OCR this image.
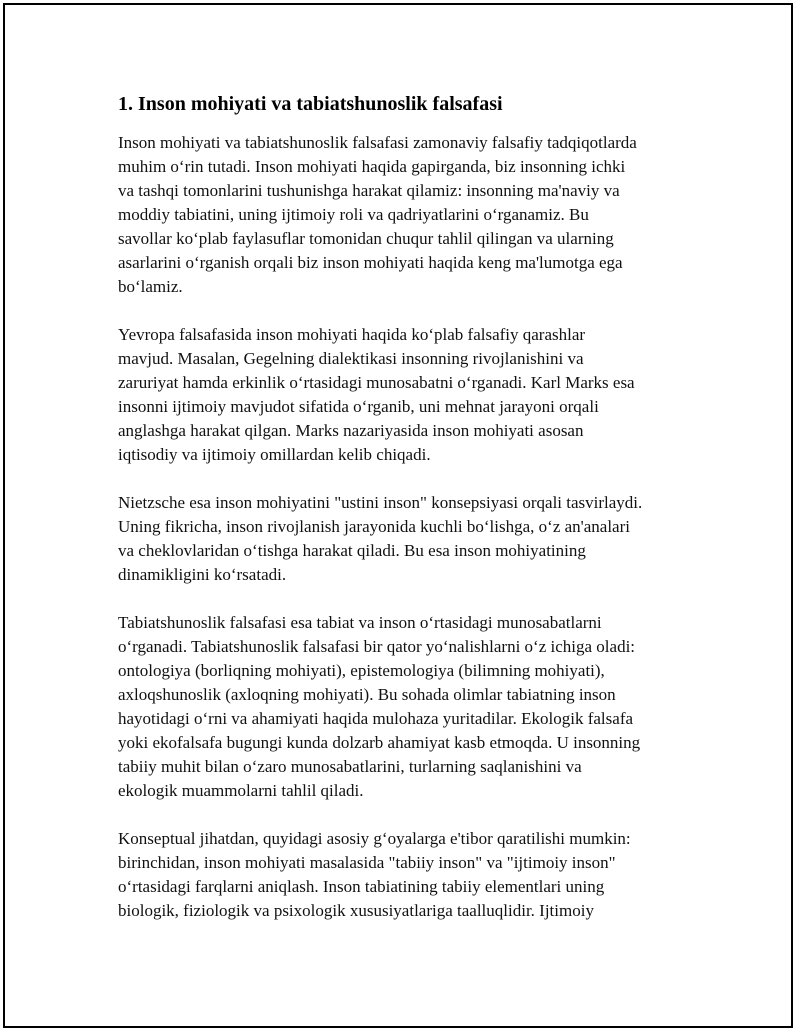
1. Inson mohiyati va tabiatshunoslik falsafasi

Inson mohiyati va tabiatshunoslik falsafasi zamonaviy falsafiy tadqiqotlarda
muhim o‘rin tutadi. Inson mohiyati haqida gapirganda, biz insonning ichki
va tashqi tomonlarini tushunishga harakat qilamiz: insonning ma'naviy va
moddiy tabiatini, uning ijtimoiy roli va qadriyatlarini o‘rganamiz. Bu
savollar ko‘plab faylasuflar tomonidan chuqur tahlil qilingan va ularning
asarlarini o‘rganish orqali biz inson mohiyati haqida keng ma'lumotga ega
bo‘lamiz.

Yevropa falsafasida inson mohiyati haqida ko‘plab falsafiy qarashlar
mavjud. Masalan, Gegelning dialektikasi insonning rivojlanishini va
zaruriyat hamda erkinlik o‘rtasidagi munosabatni o‘rganadi. Karl Marks esa
insonni ijtimoiy mavjudot sifatida o‘rganib, uni mehnat jarayoni orqali
anglashga harakat qilgan. Marks nazariyasida inson mohiyati asosan
iqtisodiy va ijtimoiy omillardan kelib chiqadi.

Nietzsche esa inson mohiyatini "ustini inson" konsepsiyasi orqali tasvirlaydi.
Uning fikricha, inson rivojlanish jarayonida kuchli bo‘lishga, o‘z an'analari
va cheklovlaridan o‘tishga harakat qiladi. Bu esa inson mohiyatining
dinamikligini ko‘rsatadi.

Tabiatshunoslik falsafasi esa tabiat va inson o‘rtasidagi munosabatlarni
o‘rganadi. Tabiatshunoslik falsafasi bir qator yo‘nalishlarni o‘z ichiga oladi:
ontologiya (borliqning mohiyati), epistemologiya (bilimning mohiyati),
axloqshunoslik (axloqning mohiyati). Bu sohada olimlar tabiatning inson
hayotidagi o‘rni va ahamiyati haqida mulohaza yuritadilar. Ekologik falsafa
yoki ekofalsafa bugungi kunda dolzarb ahamiyat kasb etmoqda. U insonning
tabiiy muhit bilan o‘zaro munosabatlarini, turlarning saqlanishini va
ekologik muammolarni tahlil qiladi.

Konseptual jihatdan, quyidagi asosiy g‘oyalarga e'tibor qaratilishi mumkin:
birinchidan, inson mohiyati masalasida "tabiiy inson" va "ijtimoiy inson"
o‘rtasidagi farqlarni aniqlash. Inson tabiatining tabiiy elementlari uning
biologik, fiziologik va psixologik xususiyatlariga taalluqlidir. Ijtimoiy
